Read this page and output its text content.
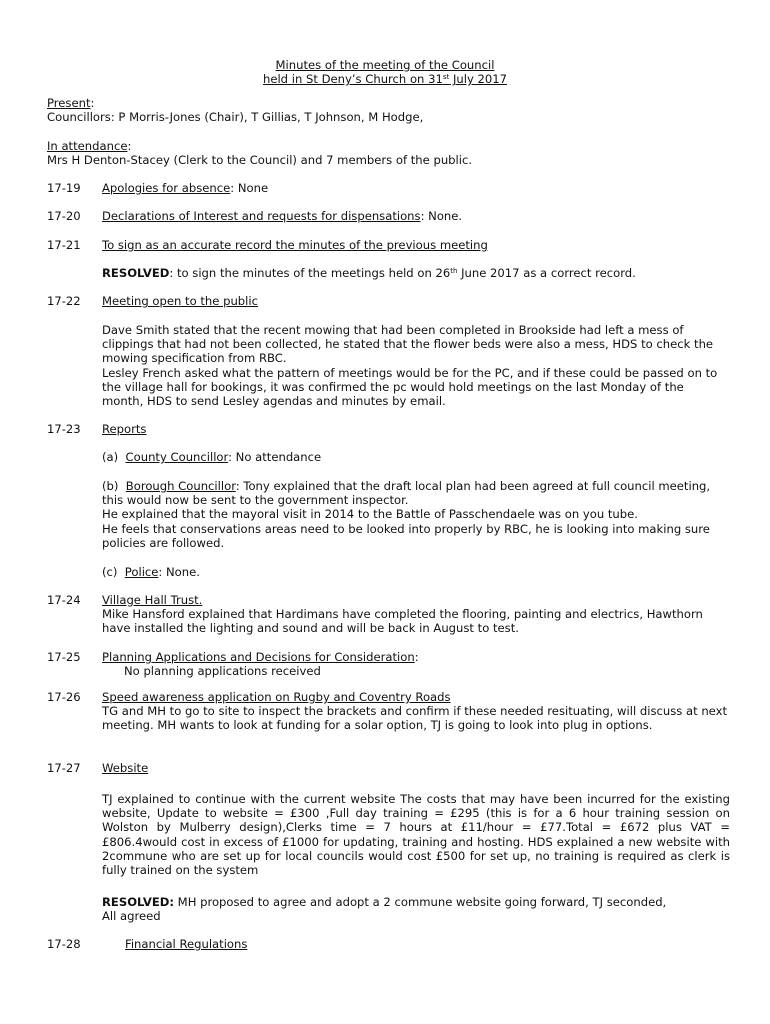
Minutes of the meeting of the Council
held in St Deny’s Church on 31st July 2017
Present:
Councillors: P Morris-Jones (Chair), T Gillias, T Johnson, M Hodge,
In attendance:
Mrs H Denton-Stacey (Clerk to the Council) and 7 members of the public.
17-19 Apologies for absence: None
17-20 Declarations of Interest and requests for dispensations: None.
17-21 To sign as an accurate record the minutes of the previous meeting
RESOLVED: to sign the minutes of the meetings held on 26th June 2017 as a correct record.
17-22 Meeting open to the public

Dave Smith stated that the recent mowing that had been completed in Brookside had left a mess of clippings that had not been collected, he stated that the flower beds were also a mess, HDS to check the mowing specification from RBC.

Lesley French asked what the pattern of meetings would be for the PC, and if these could be passed on to the village hall for bookings, it was confirmed the pc would hold meetings on the last Monday of the month, HDS to send Lesley agendas and minutes by email.

17-23 Reports
(a)  County Councillor: No attendance

(b)  Borough Councillor: Tony explained that the draft local plan had been agreed at full council meeting, this would now be sent to the government inspector.

He explained that the mayoral visit in 2014 to the Battle of Passchendaele was on you tube.

He feels that conservations areas need to be looked into properly by RBC, he is looking into making sure policies are followed.

(c)  Police: None.
17-24 Village Hall Trust.

Mike Hansford explained that Hardimans have completed the flooring, painting and electrics, Hawthorn have installed the lighting and sound and will be back in August to test.

17-25 Planning Applications and Decisions for Consideration:

No planning applications received

17-26 Speed awareness application on Rugby and Coventry Roads

TG and MH to go to site to inspect the brackets and confirm if these needed resituating, will discuss at next meeting. MH wants to look at funding for a solar option, TJ is going to look into plug in options.

17-27 Website

TJ explained to continue with the current website The costs that may have been incurred for the existing website, Update to website = £300 ,Full day training = £295 (this is for a 6 hour training session on Wolston by Mulberry design),Clerks time = 7 hours at £11/hour = £77.Total = £672 plus VAT = £806.4would cost in excess of £1000 for updating, training and hosting. HDS explained a new website with 2commune who are set up for local councils would cost £500 for set up, no training is required as clerk is fully trained on the system

RESOLVED: MH proposed to agree and adopt a 2 commune website going forward, TJ seconded, All agreed
17-28	Financial Regulations
